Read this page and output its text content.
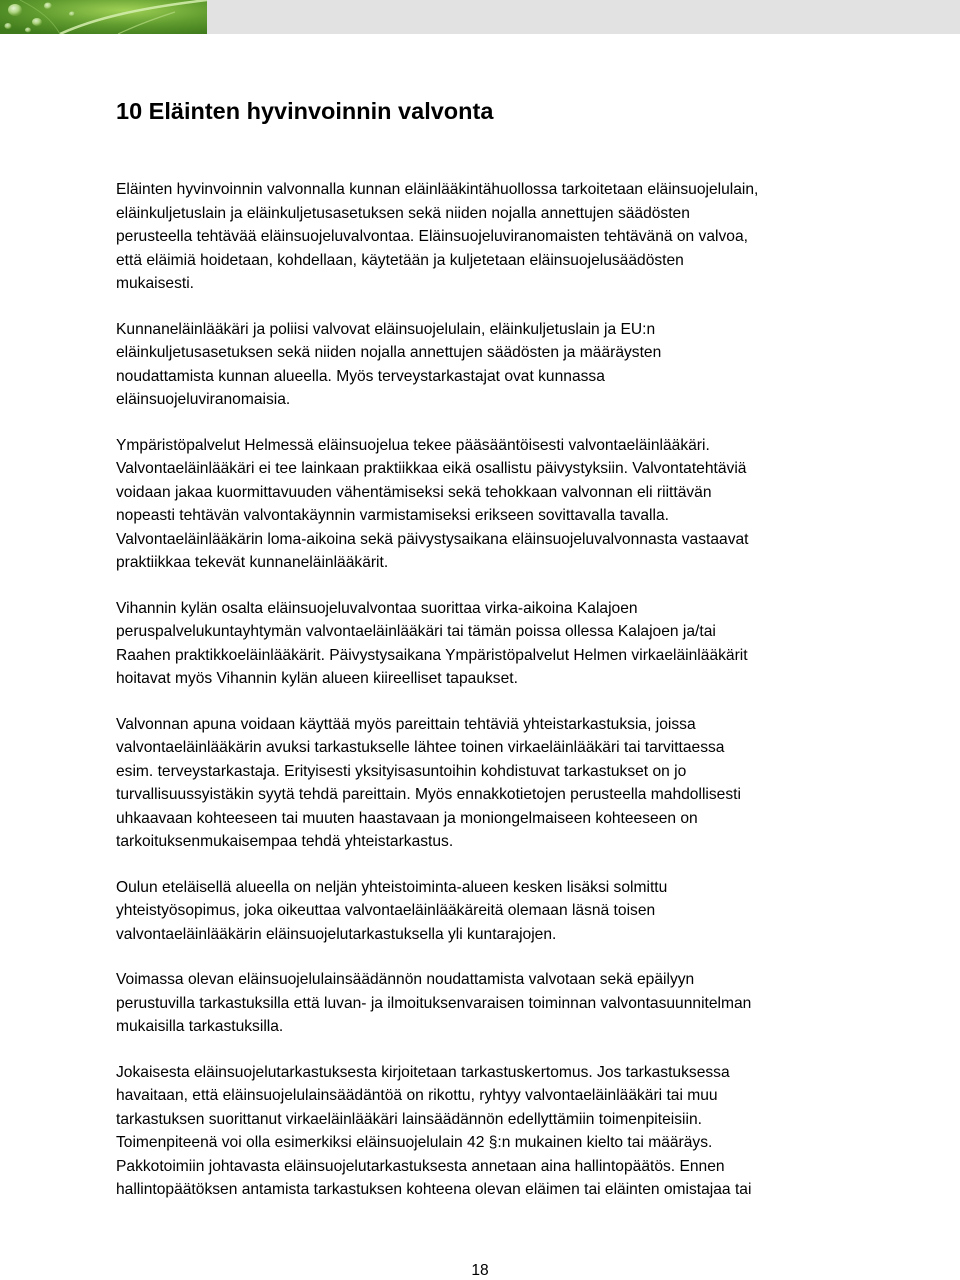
10 Eläinten hyvinvoinnin valvonta

Eläinten hyvinvoinnin valvonnalla kunnan eläinlääkintähuollossa tarkoitetaan eläinsuojelulain,
eläinkuljetuslain ja eläinkuljetusasetuksen sekä niiden nojalla annettujen säädösten
perusteella tehtävää eläinsuojeluvalvontaa. Eläinsuojeluviranomaisten tehtävänä on valvoa,
että eläimiä hoidetaan, kohdellaan, käytetään ja kuljetetaan eläinsuojelusäädösten
mukaisesti.

Kunnaneläinlääkäri ja poliisi valvovat eläinsuojelulain, eläinkuljetuslain ja EU:n
eläinkuljetusasetuksen sekä niiden nojalla annettujen säädösten ja määräysten
noudattamista kunnan alueella. Myös terveystarkastajat ovat kunnassa
eläinsuojeluviranomaisia.

Ympäristöpalvelut Helmessä eläinsuojelua tekee pääsääntöisesti valvontaeläinlääkäri.
Valvontaeläinlääkäri ei tee lainkaan praktiikkaa eikä osallistu päivystyksiin. Valvontatehtäviä
voidaan jakaa kuormittavuuden vähentämiseksi sekä tehokkaan valvonnan eli riittävän
nopeasti tehtävän valvontakäynnin varmistamiseksi erikseen sovittavalla tavalla.
Valvontaeläinlääkärin loma-aikoina sekä päivystysaikana eläinsuojeluvalvonnasta vastaavat
praktiikkaa tekevät kunnaneläinlääkärit.

Vihannin kylän osalta eläinsuojeluvalvontaa suorittaa virka-aikoina Kalajoen
peruspalvelukuntayhtymän valvontaeläinlääkäri tai tämän poissa ollessa Kalajoen ja/tai
Raahen praktikkoeläinlääkärit. Päivystysaikana Ympäristöpalvelut Helmen virkaeläinlääkärit
hoitavat myös Vihannin kylän alueen kiireelliset tapaukset.

Valvonnan apuna voidaan käyttää myös pareittain tehtäviä yhteistarkastuksia, joissa
valvontaeläinlääkärin avuksi tarkastukselle lähtee toinen virkaeläinlääkäri tai tarvittaessa
esim. terveystarkastaja. Erityisesti yksityisasuntoihin kohdistuvat tarkastukset on jo
turvallisuussyistäkin syytä tehdä pareittain. Myös ennakkotietojen perusteella mahdollisesti
uhkaavaan kohteeseen tai muuten haastavaan ja moniongelmaiseen kohteeseen on
tarkoituksenmukaisempaa tehdä yhteistarkastus.

Oulun eteläisellä alueella on neljän yhteistoiminta-alueen kesken lisäksi solmittu
yhteistyösopimus, joka oikeuttaa valvontaeläinlääkäreitä olemaan läsnä toisen
valvontaeläinlääkärin eläinsuojelutarkastuksella yli kuntarajojen.

Voimassa olevan eläinsuojelulainsäädännön noudattamista valvotaan sekä epäilyyn
perustuvilla tarkastuksilla että luvan- ja ilmoituksenvaraisen toiminnan valvontasuunnitelman
mukaisilla tarkastuksilla.

Jokaisesta eläinsuojelutarkastuksesta kirjoitetaan tarkastuskertomus. Jos tarkastuksessa
havaitaan, että eläinsuojelulainsäädäntöä on rikottu, ryhtyy valvontaeläinlääkäri tai muu
tarkastuksen suorittanut virkaeläinlääkäri lainsäädännön edellyttämiin toimenpiteisiin.
Toimenpiteenä voi olla esimerkiksi eläinsuojelulain 42 §:n mukainen kielto tai määräys.
Pakkotoimiin johtavasta eläinsuojelutarkastuksesta annetaan aina hallintopäätös. Ennen
hallintopäätöksen antamista tarkastuksen kohteena olevan eläimen tai eläinten omistajaa tai

18
